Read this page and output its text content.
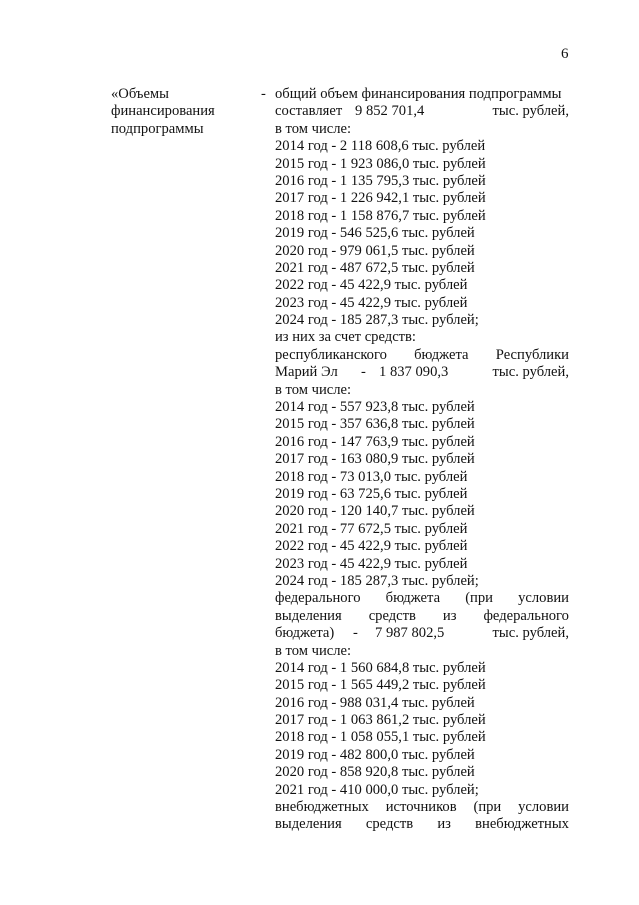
6
«Объемы
финансирования
подпрограммы
- общий объем финансирования подпрограммы
составляет 9 852 701,4	тыс. рублей,
в том числе:
2014 год - 2 118 608,6 тыс. рублей
2015 год - 1 923 086,0 тыс. рублей
2016 год - 1 135 795,3 тыс. рублей
2017 год - 1 226 942,1 тыс. рублей
2018 год - 1 158 876,7 тыс. рублей
2019 год - 546 525,6 тыс. рублей
2020 год - 979 061,5 тыс. рублей
2021 год - 487 672,5 тыс. рублей
2022 год - 45 422,9 тыс. рублей
2023 год - 45 422,9 тыс. рублей
2024 год - 185 287,3 тыс. рублей;
из них за счет средств:
республиканского бюджета Республики
Марий Эл - 1 837 090,3	тыс. рублей,
в том числе:
2014 год - 557 923,8 тыс. рублей
2015 год - 357 636,8 тыс. рублей
2016 год - 147 763,9 тыс. рублей
2017 год - 163 080,9 тыс. рублей
2018 год - 73 013,0 тыс. рублей
2019 год - 63 725,6 тыс. рублей
2020 год - 120 140,7 тыс. рублей
2021 год - 77 672,5 тыс. рублей
2022 год - 45 422,9 тыс. рублей
2023 год - 45 422,9 тыс. рублей
2024 год - 185 287,3 тыс. рублей;
федерального бюджета (при условии
выделения средств из федерального
бюджета) - 7 987 802,5	тыс. рублей,
в том числе:
2014 год - 1 560 684,8 тыс. рублей
2015 год - 1 565 449,2 тыс. рублей
2016 год - 988 031,4 тыс. рублей
2017 год - 1 063 861,2 тыс. рублей
2018 год - 1 058 055,1 тыс. рублей
2019 год - 482 800,0 тыс. рублей
2020 год - 858 920,8 тыс. рублей
2021 год - 410 000,0 тыс. рублей;
внебюджетных источников (при условии
выделения средств из внебюджетных
